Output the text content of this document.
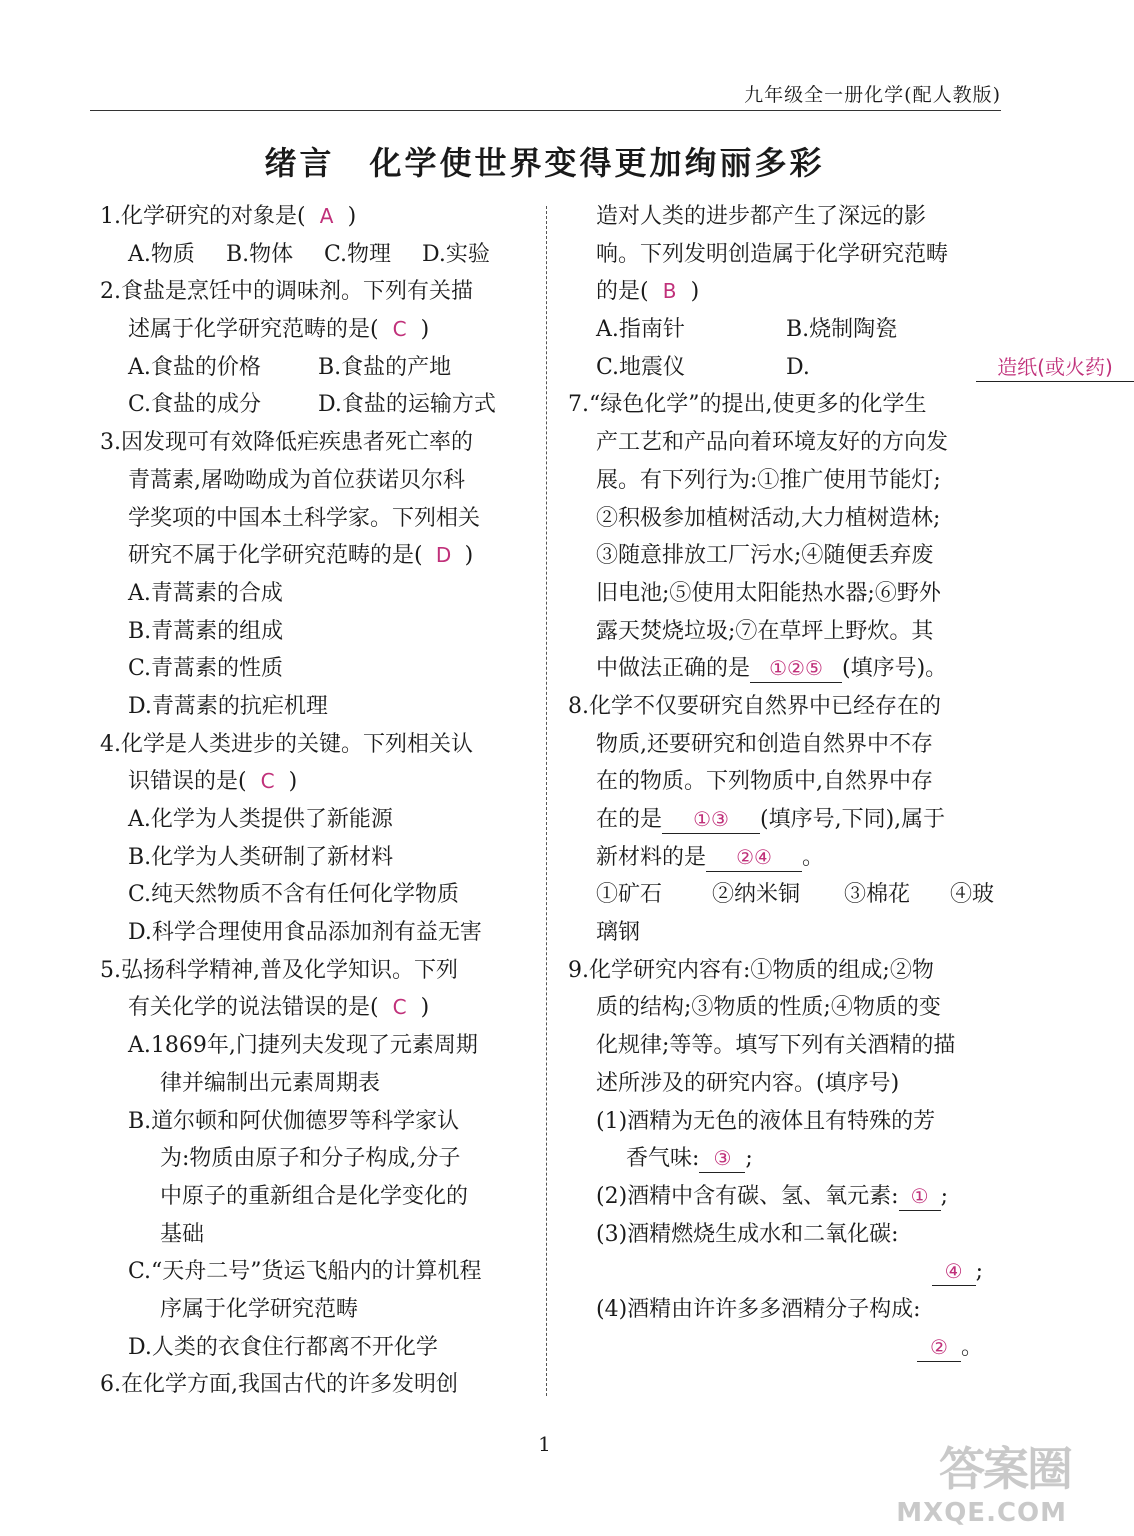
九年级全一册化学(配人教版)
绪言　化学使世界变得更加绚丽多彩
1.化学研究的对象是( A )
A.物质 B.物体 C.物理 D.实验
2.食盐是烹饪中的调味剂。下列有关描
述属于化学研究范畴的是( C )
A.食盐的价格	B.食盐的产地
C.食盐的成分	D.食盐的运输方式
3.因发现可有效降低疟疾患者死亡率的
青蒿素,屠呦呦成为首位获诺贝尔科
学奖项的中国本土科学家。下列相关
研究不属于化学研究范畴的是( D )
A.青蒿素的合成
B.青蒿素的组成
C.青蒿素的性质
D.青蒿素的抗疟机理
4.化学是人类进步的关键。下列相关认
识错误的是( C )
A.化学为人类提供了新能源
B.化学为人类研制了新材料
C.纯天然物质不含有任何化学物质
D.科学合理使用食品添加剂有益无害
5.弘扬科学精神,普及化学知识。下列
有关化学的说法错误的是( C )
A.1869年,门捷列夫发现了元素周期
律并编制出元素周期表
B.道尔顿和阿伏伽德罗等科学家认
为:物质由原子和分子构成,分子
中原子的重新组合是化学变化的
基础
C.“天舟二号”货运飞船内的计算机程
序属于化学研究范畴
D.人类的衣食住行都离不开化学
6.在化学方面,我国古代的许多发明创
造对人类的进步都产生了深远的影
响。下列发明创造属于化学研究范畴
的是( B )
A.指南针	B.烧制陶瓷
C.地震仪	D.	造纸(或火药)
7.“绿色化学”的提出,使更多的化学生
产工艺和产品向着环境友好的方向发
展。有下列行为:①推广使用节能灯;
②积极参加植树活动,大力植树造林;
③随意排放工厂污水;④随便丢弃废
旧电池;⑤使用太阳能热水器;⑥野外
露天焚烧垃圾;⑦在草坪上野炊。其
中做法正确的是 ①②⑤ (填序号)。
8.化学不仅要研究自然界中已经存在的
物质,还要研究和创造自然界中不存
在的物质。下列物质中,自然界中存
在的是 ①③ (填序号,下同),属于
新材料的是 ②④ 。
①矿石 ②纳米铜 ③棉花 ④玻
璃钢
9.化学研究内容有:①物质的组成;②物
质的结构;③物质的性质;④物质的变
化规律;等等。填写下列有关酒精的描
述所涉及的研究内容。(填序号)
(1)酒精为无色的液体且有特殊的芳
香气味: ③ ;
(2)酒精中含有碳、氢、氧元素: ① ;
(3)酒精燃烧生成水和二氧化碳:
④ ;
(4)酒精由许许多多酒精分子构成:
② 。
1	答案圈
MXQE.COM
